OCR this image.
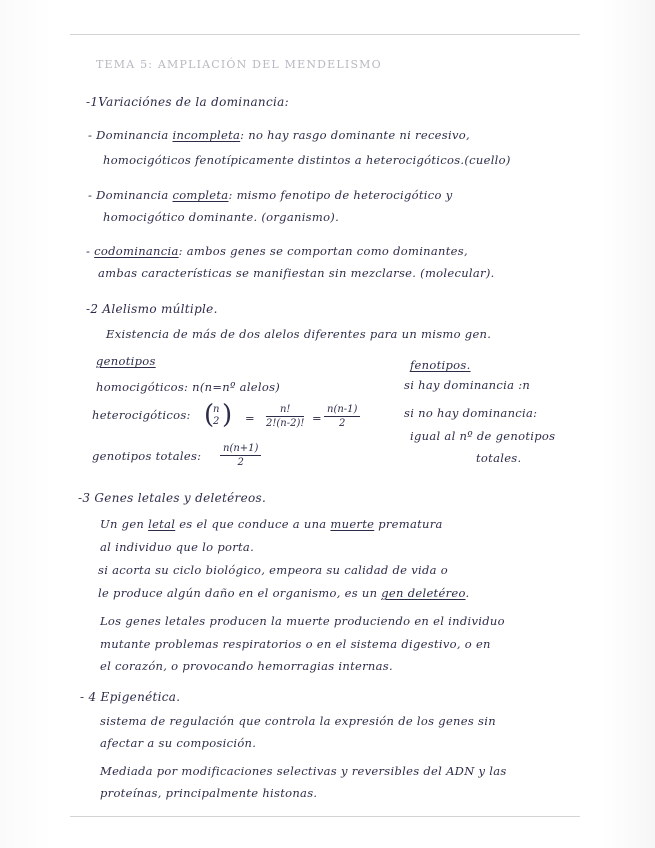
TEMA 5: AMPLIACIÓN DEL MENDELISMO
-1Variaciónes de la dominancia:
- Dominancia incompleta: no hay rasgo dominante ni recesivo,
homocigóticos fenotípicamente distintos a heterocigóticos.(cuello)
- Dominancia completa: mismo fenotipo de heterocigótico y
homocigótico dominante. (organismo).
- codominancia: ambos genes se comportan como dominantes,
ambas características se manifiestan sin mezclarse. (molecular).
-2 Alelismo múltiple.
Existencia de más de dos alelos diferentes para un mismo gen.
genotipos
homocigóticos: n(n=nº alelos)
heterocigóticos: (
n
2 ) = $\frac{n!}{2!(n-2)!} = \frac{n(n-1)}{2}$
genotipos totales: $\frac{n(n+1)}{2}$
fenotipos.
si hay dominancia :n
si no hay dominancia:
igual al nº de genotipos
totales.
-3 Genes letales y deletéreos.
Un gen letal es el que conduce a una muerte prematura
al individuo que lo porta.
si acorta su ciclo biológico, empeora su calidad de vida o
le produce algún daño en el organismo, es un gen deletéreo.
Los genes letales producen la muerte produciendo en el individuo
mutante problemas respiratorios o en el sistema digestivo, o en
el corazón, o provocando hemorragias internas.
- 4 Epigenética.
sistema de regulación que controla la expresión de los genes sin
afectar a su composición.
Mediada por modificaciones selectivas y reversibles del ADN y las
proteínas, principalmente histonas.
